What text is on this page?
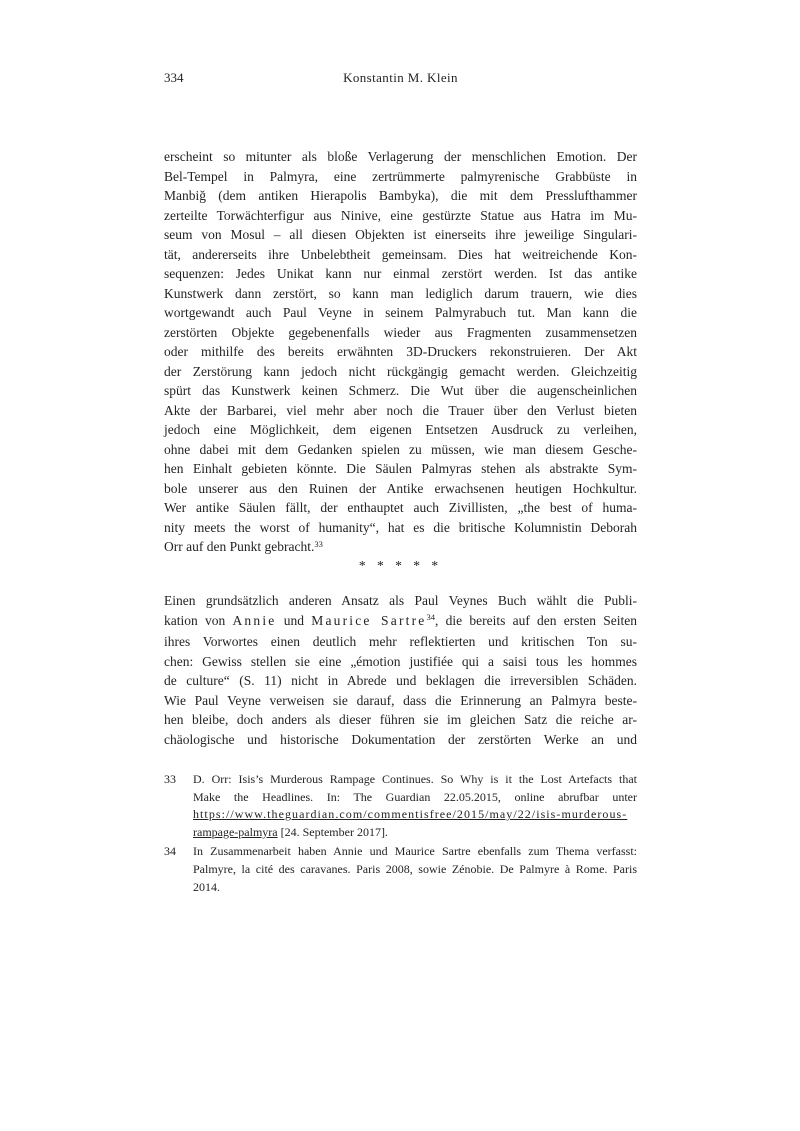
334	Konstantin M. Klein
erscheint so mitunter als bloße Verlagerung der menschlichen Emotion. Der
Bel-Tempel in Palmyra, eine zertrümmerte palmyrenische Grabbüste in
Manbiğ (dem antiken Hierapolis Bambyka), die mit dem Presslufthammer
zerteilte Torwächterfigur aus Ninive, eine gestürzte Statue aus Hatra im Mu-
seum von Mosul – all diesen Objekten ist einerseits ihre jeweilige Singulari-
tät, andererseits ihre Unbelebtheit gemeinsam. Dies hat weitreichende Kon-
sequenzen: Jedes Unikat kann nur einmal zerstört werden. Ist das antike
Kunstwerk dann zerstört, so kann man lediglich darum trauern, wie dies
wortgewandt auch Paul Veyne in seinem Palmyrabuch tut. Man kann die
zerstörten Objekte gegebenenfalls wieder aus Fragmenten zusammensetzen
oder mithilfe des bereits erwähnten 3D-Druckers rekonstruieren. Der Akt
der Zerstörung kann jedoch nicht rückgängig gemacht werden. Gleichzeitig
spürt das Kunstwerk keinen Schmerz. Die Wut über die augenscheinlichen
Akte der Barbarei, viel mehr aber noch die Trauer über den Verlust bieten
jedoch eine Möglichkeit, dem eigenen Entsetzen Ausdruck zu verleihen,
ohne dabei mit dem Gedanken spielen zu müssen, wie man diesem Gesche-
hen Einhalt gebieten könnte. Die Säulen Palmyras stehen als abstrakte Sym-
bole unserer aus den Ruinen der Antike erwachsenen heutigen Hochkultur.
Wer antike Säulen fällt, der enthauptet auch Zivillisten, „the best of huma-
nity meets the worst of humanity“, hat es die britische Kolumnistin Deborah
Orr auf den Punkt gebracht.$^{33}$
* * * * *
Einen grundsätzlich anderen Ansatz als Paul Veynes Buch wählt die Publi-
kation von Annie und Maurice Sartre$^{34}$, die bereits auf den ersten Seiten
ihres Vorwortes einen deutlich mehr reflektierten und kritischen Ton su-
chen: Gewiss stellen sie eine „émotion justifiée qui a saisi tous les hommes
de culture“ (S. 11) nicht in Abrede und beklagen die irreversiblen Schäden.
Wie Paul Veyne verweisen sie darauf, dass die Erinnerung an Palmyra beste-
hen bleibe, doch anders als dieser führen sie im gleichen Satz die reiche ar-
chäologische und historische Dokumentation der zerstörten Werke an und
33	D. Orr: Isis’s Murderous Rampage Continues. So Why is it the Lost Artefacts that
Make the Headlines. In: The Guardian 22.05.2015, online abrufbar unter
https://www.theguardian.com/commentisfree/2015/may/22/isis-murderous-
rampage-palmyra [24. September 2017].
34	In Zusammenarbeit haben Annie und Maurice Sartre ebenfalls zum Thema verfasst:
Palmyre, la cité des caravanes. Paris 2008, sowie Zénobie. De Palmyre à Rome. Paris
2014.
